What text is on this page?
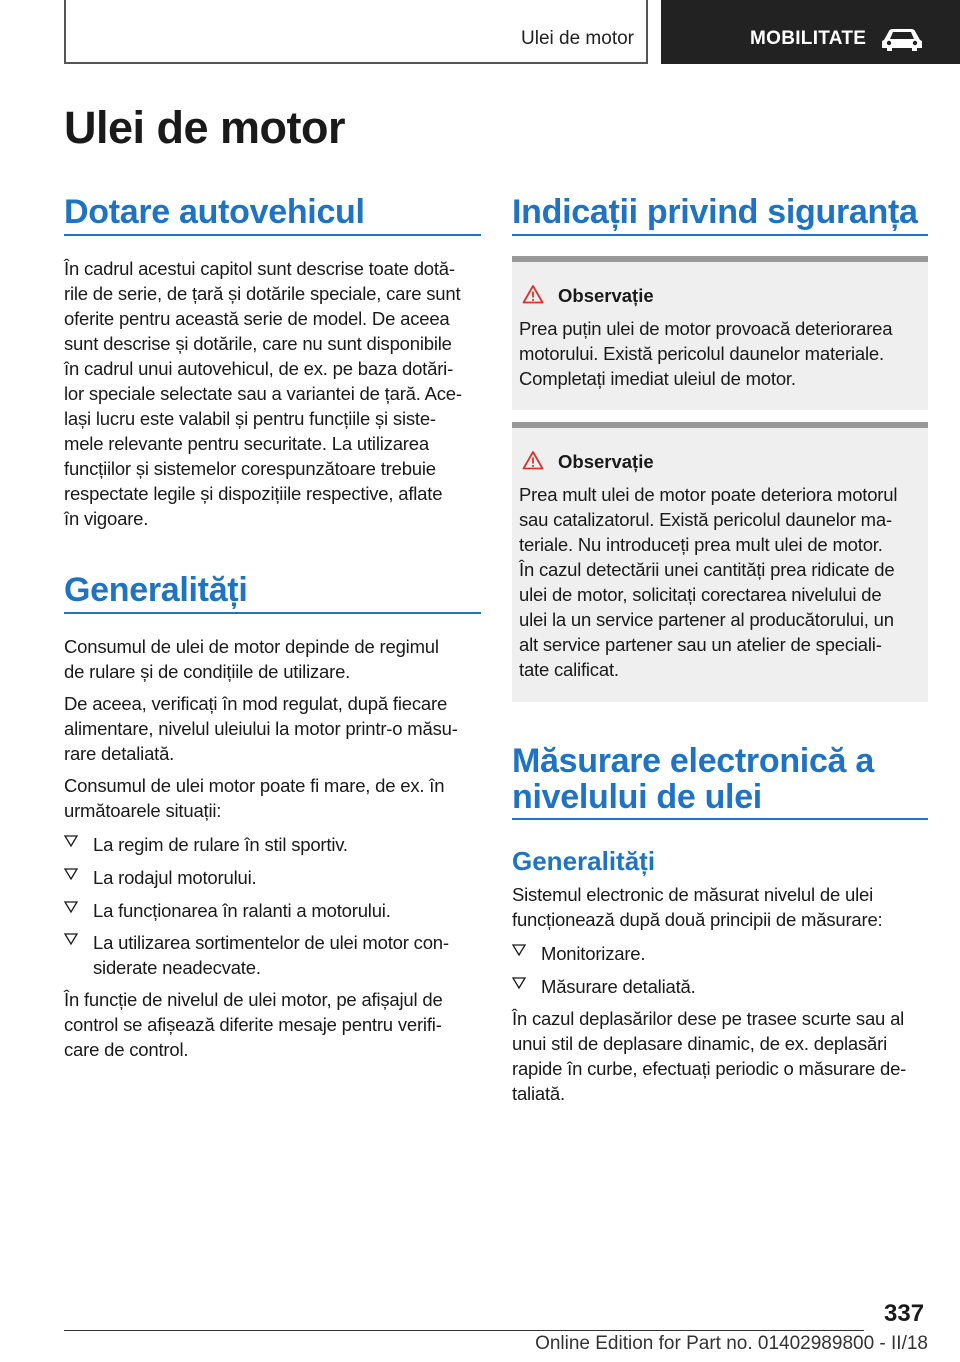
Ulei de motor	MOBILITATE
Ulei de motor
Dotare autovehicul
În cadrul acestui capitol sunt descrise toate dotă-
rile de serie, de țară și dotările speciale, care sunt
oferite pentru această serie de model. De aceea
sunt descrise și dotările, care nu sunt disponibile
în cadrul unui autovehicul, de ex. pe baza dotări-
lor speciale selectate sau a variantei de țară. Ace-
lași lucru este valabil și pentru funcțiile și siste-
mele relevante pentru securitate. La utilizarea
funcțiilor și sistemelor corespunzătoare trebuie
respectate legile și dispozițiile respective, aflate
în vigoare.
Generalități
Consumul de ulei de motor depinde de regimul
de rulare și de condițiile de utilizare.
De aceea, verificați în mod regulat, după fiecare
alimentare, nivelul uleiului la motor printr-o măsu-
rare detaliată.
Consumul de ulei motor poate fi mare, de ex. în
următoarele situații:
La regim de rulare în stil sportiv.
La rodajul motorului.
La funcționarea în ralanti a motorului.
La utilizarea sortimentelor de ulei motor con-
siderate neadecvate.
În funcție de nivelul de ulei motor, pe afișajul de
control se afișează diferite mesaje pentru verifi-
care de control.
Indicații privind siguranța
Observație
Prea puțin ulei de motor provoacă deteriorarea
motorului. Există pericolul daunelor materiale.
Completați imediat uleiul de motor.
Observație
Prea mult ulei de motor poate deteriora motorul
sau catalizatorul. Există pericolul daunelor ma-
teriale. Nu introduceți prea mult ulei de motor.
În cazul detectării unei cantități prea ridicate de
ulei de motor, solicitați corectarea nivelului de
ulei la un service partener al producătorului, un
alt service partener sau un atelier de speciali-
tate calificat.
Măsurare electronică a
nivelului de ulei
Generalități
Sistemul electronic de măsurat nivelul de ulei
funcționează după două principii de măsurare:
Monitorizare.
Măsurare detaliată.
În cazul deplasărilor dese pe trasee scurte sau al
unui stil de deplasare dinamic, de ex. deplasări
rapide în curbe, efectuați periodic o măsurare de-
taliată.
337
Online Edition for Part no. 01402989800 - II/18
